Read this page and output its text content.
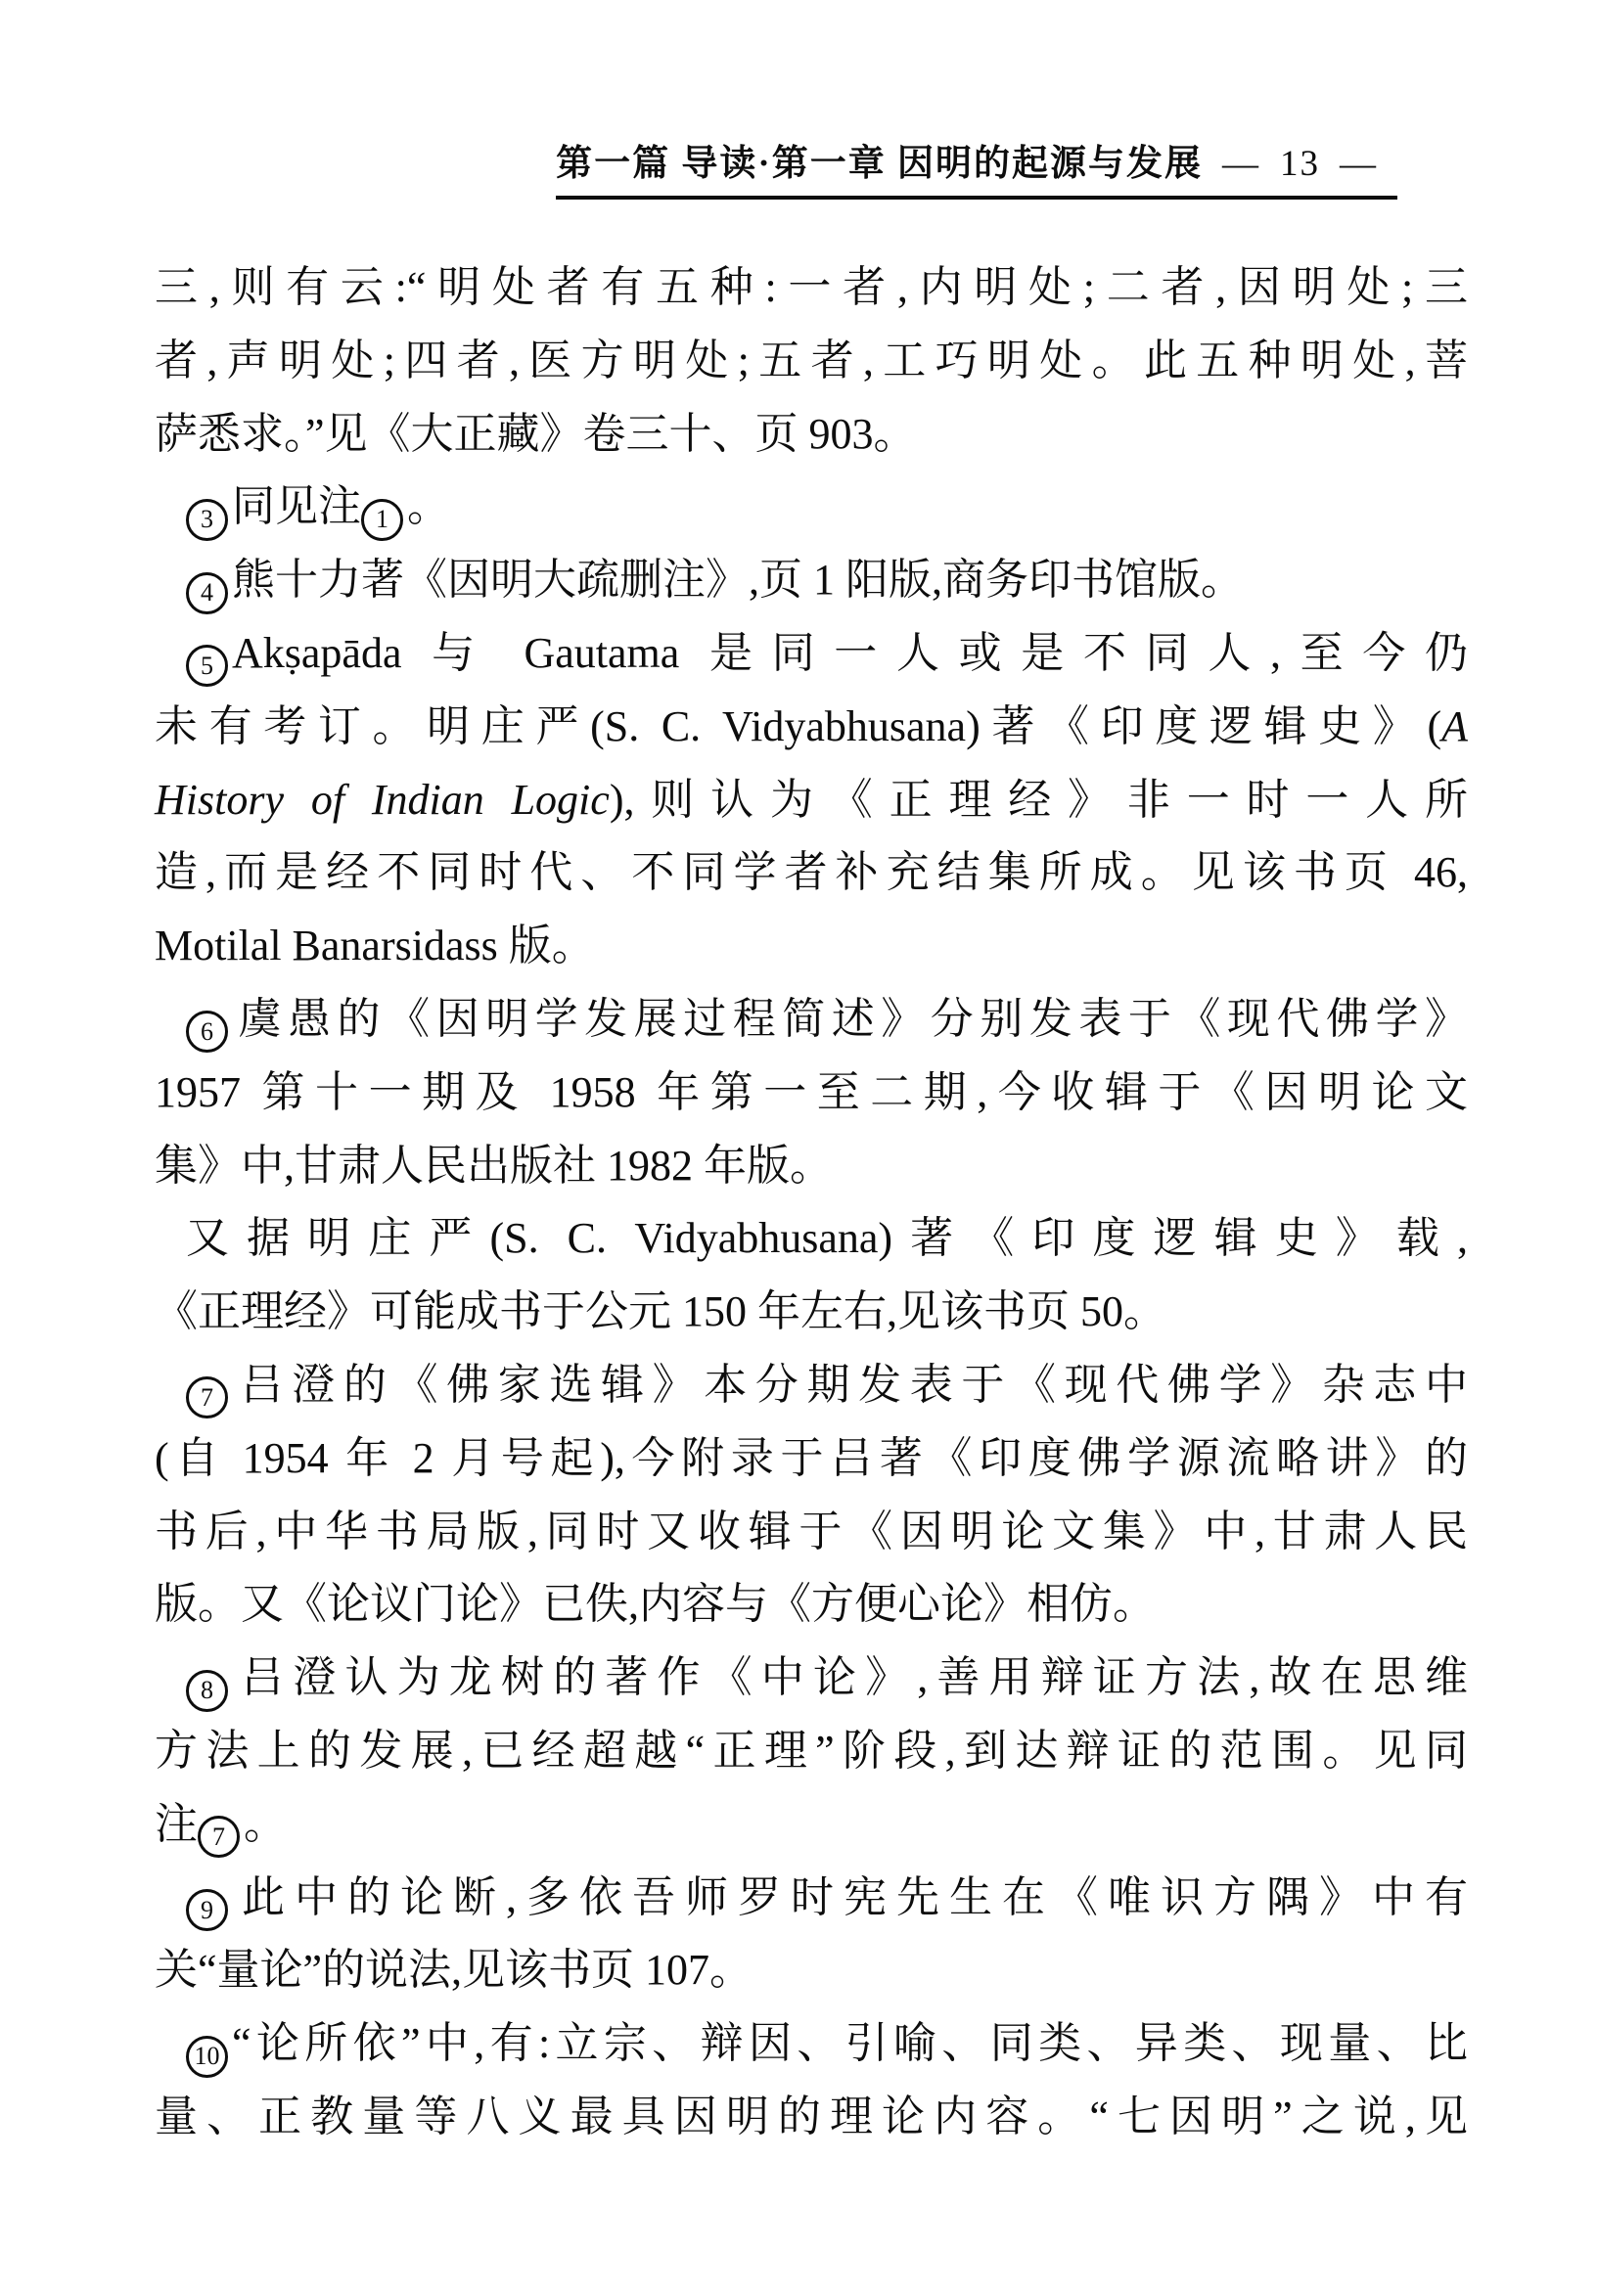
第一篇 导读·第一章 因明的起源与发展 — 13 —
三,则有云:“明处者有五种:一者,内明处;二者,因明处;三
者,声明处;四者,医方明处;五者,工巧明处。此五种明处,菩
萨悉求。”见《大正藏》卷三十、页 903。
3 同见注 1 。
4 熊十力著《因明大疏删注》,页 1 阳版,商务印书馆版。
5 Akṣapāda 与 Gautama 是同一人或是不同人,至今仍
未有考订。明庄严(S. C. Vidyabhusana)著《印度逻辑史》(A
History of Indian Logic),则认为《正理经》非一时一人所
造,而是经不同时代、不同学者补充结集所成。见该书页 46,
Motilal Banarsidass 版。
6 虞愚的《因明学发展过程简述》分别发表于《现代佛学》
1957 第十一期及 1958 年第一至二期,今收辑于《因明论文
集》中,甘肃人民出版社 1982 年版。
又据明庄严(S. C. Vidyabhusana)著《印度逻辑史》载,
《正理经》可能成书于公元 150 年左右,见该书页 50。
7 吕澄的《佛家选辑》本分期发表于《现代佛学》杂志中
(自 1954 年 2 月号起),今附录于吕著《印度佛学源流略讲》的
书后,中华书局版,同时又收辑于《因明论文集》中,甘肃人民
版。又《论议门论》已佚,内容与《方便心论》相仿。
8 吕澄认为龙树的著作《中论》,善用辩证方法,故在思维
方法上的发展,已经超越“正理”阶段,到达辩证的范围。见同
注 7 。
9 此中的论断,多依吾师罗时宪先生在《唯识方隅》中有
关“量论”的说法,见该书页 107。
10 “论所依”中,有:立宗、辩因、引喻、同类、异类、现量、比
量、正教量等八义最具因明的理论内容。“七因明”之说,见
